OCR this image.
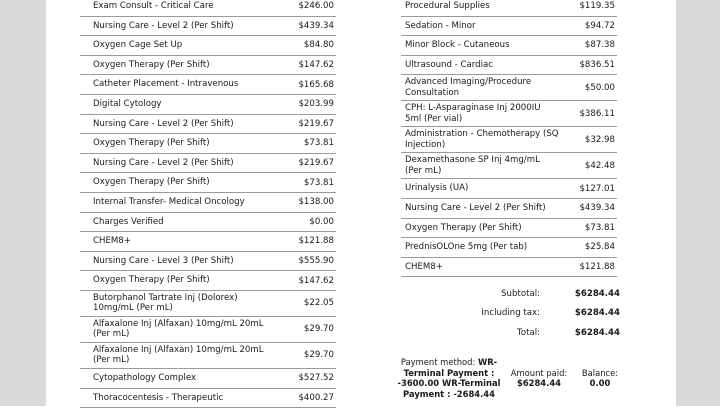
Exam Consult - Critical Care	$246.00
Nursing Care - Level 2 (Per Shift)	$439.34
Oxygen Cage Set Up	$84.80
Oxygen Therapy (Per Shift)	$147.62
Catheter Placement - Intravenous	$165.68
Digital Cytology	$203.99
Nursing Care - Level 2 (Per Shift)	$219.67
Oxygen Therapy (Per Shift)	$73.81
Nursing Care - Level 2 (Per Shift)	$219.67
Oxygen Therapy (Per Shift)	$73.81
Internal Transfer- Medical Oncology	$138.00
Charges Verified	$0.00
CHEM8+	$121.88
Nursing Care - Level 3 (Per Shift)	$555.90
Oxygen Therapy (Per Shift)	$147.62
Butorphanol Tartrate Inj (Dolorex) 10mg/mL (Per mL)	$22.05
Alfaxalone Inj (Alfaxan) 10mg/mL 20mL (Per mL)	$29.70
Alfaxalone Inj (Alfaxan) 10mg/mL 20mL (Per mL)	$29.70
Cytopathology Complex	$527.52
Thoracocentesis - Therapeutic	$400.27
Procedural Supplies	$119.35
Sedation - Minor	$94.72
Minor Block - Cutaneous	$87.38
Ultrasound - Cardiac	$836.51
Advanced Imaging/Procedure Consultation	$50.00
CPH: L-Asparaginase Inj 2000IU 5ml (Per vial)	$386.11
Administration - Chemotherapy (SQ Injection)	$32.98
Dexamethasone SP Inj 4mg/mL (Per mL)	$42.48
Urinalysis (UA)	$127.01
Nursing Care - Level 2 (Per Shift)	$439.34
Oxygen Therapy (Per Shift)	$73.81
PrednisOLOne 5mg (Per tab)	$25.84
CHEM8+	$121.88
Subtotal:	$6284.44
Including tax:	$6284.44
Total:	$6284.44
Payment method: WR-
Terminal Payment : -3600.00 WR-Terminal Payment : -2684.44

Amount paid:
$6284.44

Balance:
0.00
